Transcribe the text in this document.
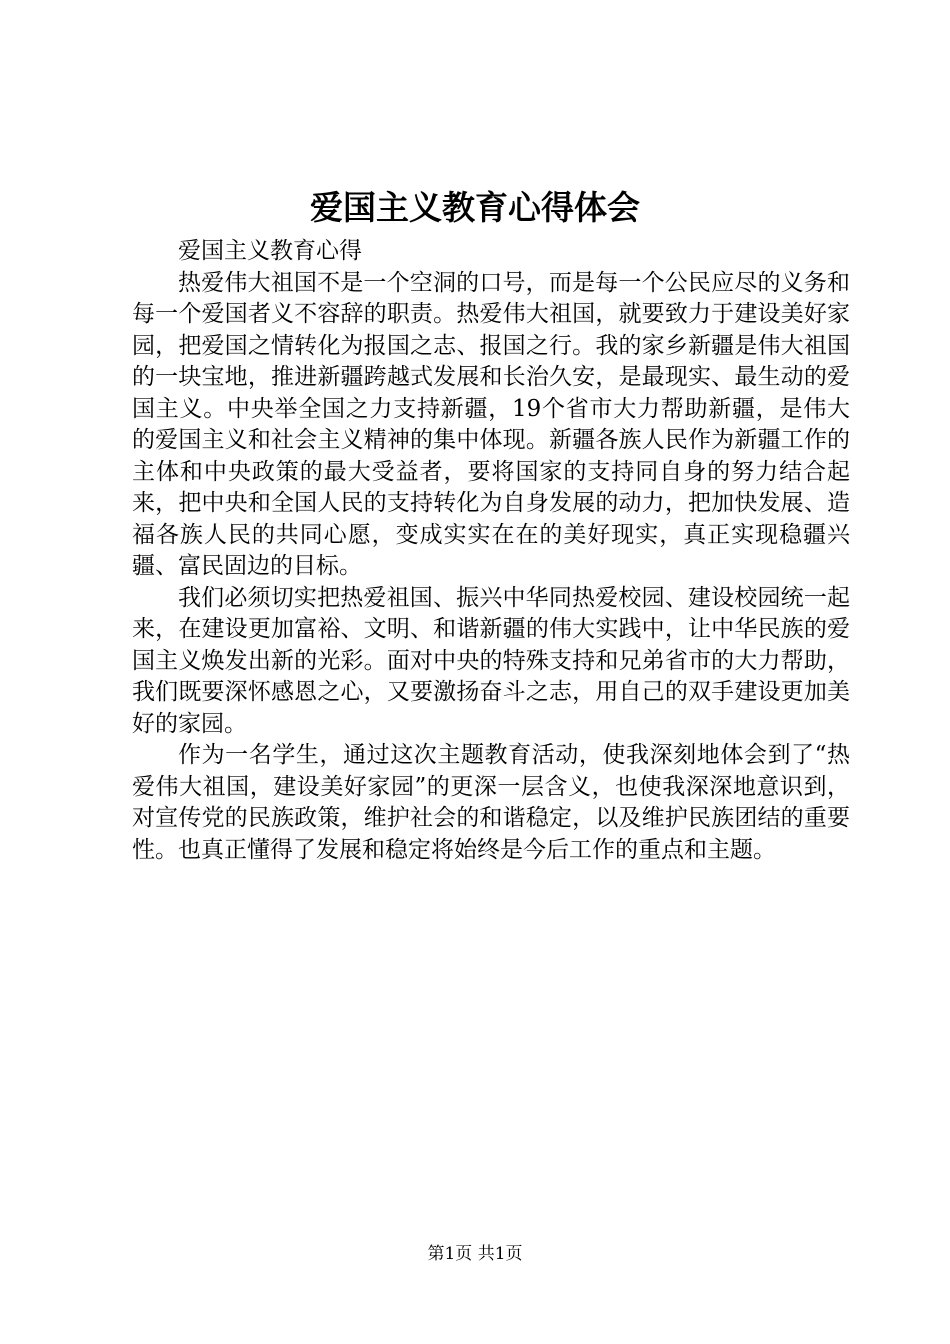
爱国主义教育心得体会

爱国主义教育心得

热爱伟大祖国不是一个空洞的口号，而是每一个公民应尽的义务和每一个爱国者义不容辞的职责。热爱伟大祖国，就要致力于建设美好家园，把爱国之情转化为报国之志、报国之行。我的家乡新疆是伟大祖国的一块宝地，推进新疆跨越式发展和长治久安，是最现实、最生动的爱国主义。中央举全国之力支持新疆，19个省市大力帮助新疆，是伟大的爱国主义和社会主义精神的集中体现。新疆各族人民作为新疆工作的主体和中央政策的最大受益者，要将国家的支持同自身的努力结合起来，把中央和全国人民的支持转化为自身发展的动力，把加快发展、造福各族人民的共同心愿，变成实实在在的美好现实，真正实现稳疆兴疆、富民固边的目标。

我们必须切实把热爱祖国、振兴中华同热爱校园、建设校园统一起来，在建设更加富裕、文明、和谐新疆的伟大实践中，让中华民族的爱国主义焕发出新的光彩。面对中央的特殊支持和兄弟省市的大力帮助，我们既要深怀感恩之心，又要激扬奋斗之志，用自己的双手建设更加美好的家园。

作为一名学生，通过这次主题教育活动，使我深刻地体会到了“热爱伟大祖国，建设美好家园”的更深一层含义，也使我深深地意识到，对宣传党的民族政策，维护社会的和谐稳定，以及维护民族团结的重要性。也真正懂得了发展和稳定将始终是今后工作的重点和主题。

第1页 共1页
